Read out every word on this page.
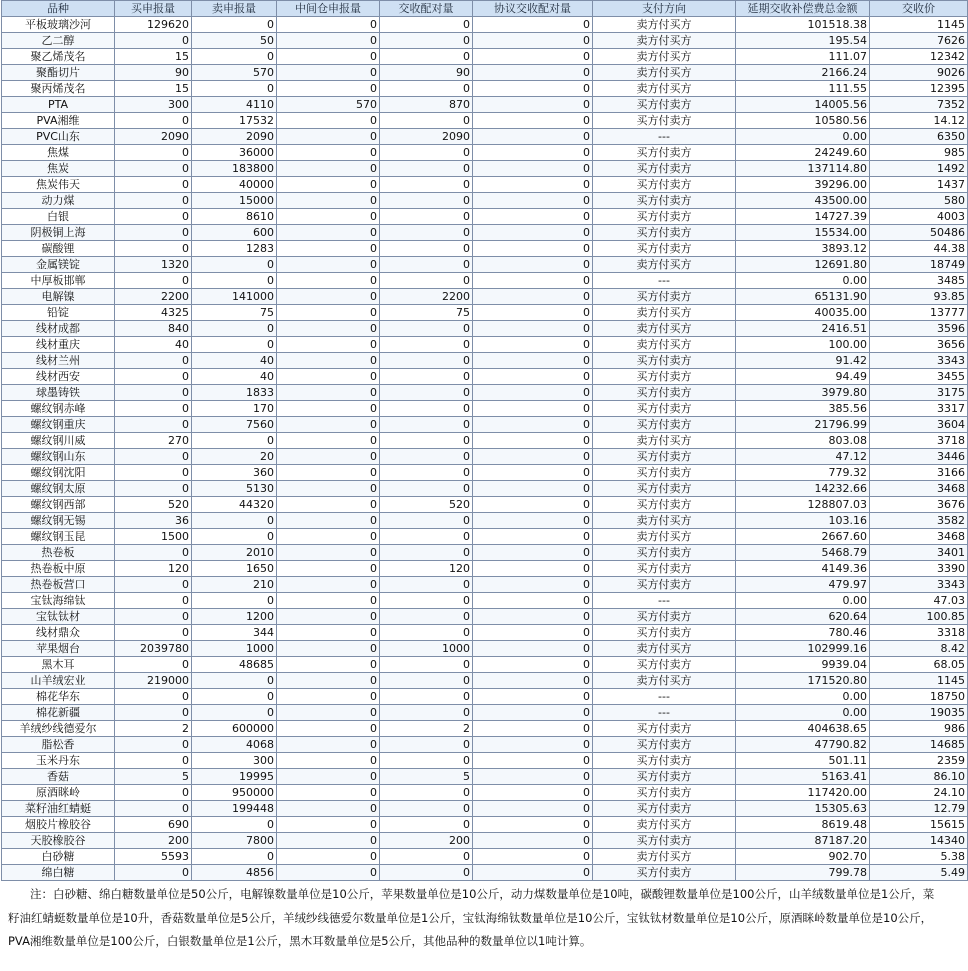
品种	买申报量	卖申报量	中间仓申报量	交收配对量	协议交收配对量	支付方向	延期交收补偿费总金额	交收价
平板玻璃沙河	129620	0	0	0	0	卖方付买方	101518.38	1145
乙二醇	0	50	0	0	0	卖方付买方	195.54	7626
聚乙烯茂名	15	0	0	0	0	卖方付买方	111.07	12342
聚酯切片	90	570	0	90	0	卖方付买方	2166.24	9026
聚丙烯茂名	15	0	0	0	0	卖方付买方	111.55	12395
PTA	300	4110	570	870	0	买方付卖方	14005.56	7352
PVA湘维	0	17532	0	0	0	买方付卖方	10580.56	14.12
PVC山东	2090	2090	0	2090	0	---	0.00	6350
焦煤	0	36000	0	0	0	买方付卖方	24249.60	985
焦炭	0	183800	0	0	0	买方付卖方	137114.80	1492
焦炭伟天	0	40000	0	0	0	买方付卖方	39296.00	1437
动力煤	0	15000	0	0	0	买方付卖方	43500.00	580
白银	0	8610	0	0	0	买方付卖方	14727.39	4003
阴极铜上海	0	600	0	0	0	买方付卖方	15534.00	50486
碳酸锂	0	1283	0	0	0	买方付卖方	3893.12	44.38
金属镁锭	1320	0	0	0	0	卖方付买方	12691.80	18749
中厚板邯郸	0	0	0	0	0	---	0.00	3485
电解镍	2200	141000	0	2200	0	买方付卖方	65131.90	93.85
铅锭	4325	75	0	75	0	卖方付买方	40035.00	13777
线材成都	840	0	0	0	0	卖方付买方	2416.51	3596
线材重庆	40	0	0	0	0	卖方付买方	100.00	3656
线材兰州	0	40	0	0	0	买方付卖方	91.42	3343
线材西安	0	40	0	0	0	买方付卖方	94.49	3455
球墨铸铁	0	1833	0	0	0	买方付卖方	3979.80	3175
螺纹钢赤峰	0	170	0	0	0	买方付卖方	385.56	3317
螺纹钢重庆	0	7560	0	0	0	买方付卖方	21796.99	3604
螺纹钢川威	270	0	0	0	0	卖方付买方	803.08	3718
螺纹钢山东	0	20	0	0	0	买方付卖方	47.12	3446
螺纹钢沈阳	0	360	0	0	0	买方付卖方	779.32	3166
螺纹钢太原	0	5130	0	0	0	买方付卖方	14232.66	3468
螺纹钢西部	520	44320	0	520	0	买方付卖方	128807.03	3676
螺纹钢无锡	36	0	0	0	0	卖方付买方	103.16	3582
螺纹钢玉昆	1500	0	0	0	0	卖方付买方	2667.60	3468
热卷板	0	2010	0	0	0	买方付卖方	5468.79	3401
热卷板中原	120	1650	0	120	0	买方付卖方	4149.36	3390
热卷板营口	0	210	0	0	0	买方付卖方	479.97	3343
宝钛海绵钛	0	0	0	0	0	---	0.00	47.03
宝钛钛材	0	1200	0	0	0	买方付卖方	620.64	100.85
线材鼎众	0	344	0	0	0	买方付卖方	780.46	3318
苹果烟台	2039780	1000	0	1000	0	卖方付买方	102999.16	8.42
黑木耳	0	48685	0	0	0	买方付卖方	9939.04	68.05
山羊绒宏业	219000	0	0	0	0	卖方付买方	171520.80	1145
棉花华东	0	0	0	0	0	---	0.00	18750
棉花新疆	0	0	0	0	0	---	0.00	19035
羊绒纱线德爱尔	2	600000	0	2	0	买方付卖方	404638.65	986
脂松香	0	4068	0	0	0	买方付卖方	47790.82	14685
玉米丹东	0	300	0	0	0	买方付卖方	501.11	2359
香菇	5	19995	0	5	0	买方付卖方	5163.41	86.10
原酒眯岭	0	950000	0	0	0	买方付卖方	117420.00	24.10
菜籽油红蜻蜓	0	199448	0	0	0	买方付卖方	15305.63	12.79
烟胶片橡胶谷	690	0	0	0	0	卖方付买方	8619.48	15615
天胶橡胶谷	200	7800	0	200	0	买方付卖方	87187.20	14340
白砂糖	5593	0	0	0	0	卖方付买方	902.70	5.38
绵白糖	0	4856	0	0	0	买方付卖方	799.78	5.49
注：白砂糖、绵白糖数量单位是50公斤，电解镍数量单位是10公斤，苹果数量单位是10公斤，动力煤数量单位是10吨，碳酸锂数量单位是100公斤，山羊绒数量单位是1公斤，菜籽油红蜻蜓数量单位是10升，香菇数量单位是5公斤，羊绒纱线德爱尔数量单位是1公斤，宝钛海绵钛数量单位是10公斤，宝钛钛材数量单位是10公斤，原酒眯岭数量单位是10公斤，PVA湘维数量单位是100公斤，白银数量单位是1公斤，黑木耳数量单位是5公斤，其他品种的数量单位以1吨计算。
